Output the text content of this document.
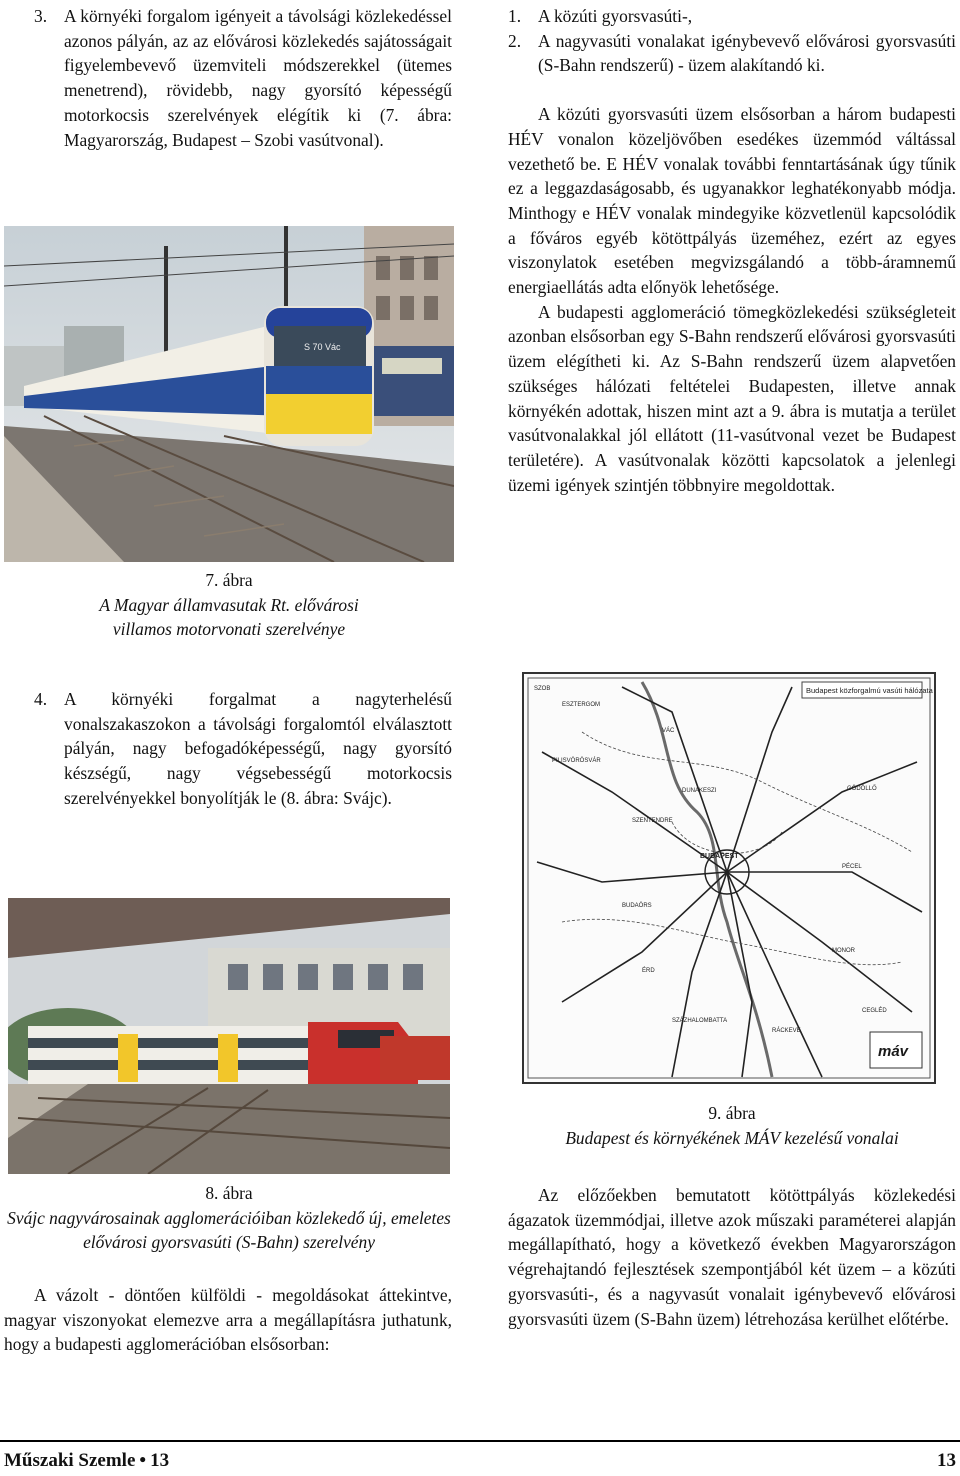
3. A környéki forgalom igényeit a távolsági közlekedéssel azonos pályán, az az elővárosi közlekedés sajátosságait figyelembevevő üzemviteli módszerekkel (ütemes menetrend), rövidebb, nagy gyorsító képességű motorkocsis szerelvények elégítik ki (7. ábra: Magyarország, Budapest – Szobi vasútvonal).
S 70 Vác
7. ábra
A Magyar államvasutak Rt. elővárosi villamos motorvonati szerelvénye
4. A környéki forgalmat a nagyterhelésű vonalszakaszokon a távolsági forgalomtól elválasztott pályán, nagy befogadóképességű, nagy gyorsító készségű, nagy végsebességű motorkocsis szerelvényekkel bonyolítják le (8. ábra: Svájc).
8. ábra
Svájc nagyvárosainak agglomerációiban közlekedő új, emeletes elővárosi gyorsvasúti (S-Bahn) szerelvény

A vázolt - döntően külföldi - megoldásokat áttekintve, magyar viszonyokat elemezve arra a megállapításra juthatunk, hogy a budapesti agglomerációban elsősorban:

1. A közúti gyorsvasúti-,
2. A nagyvasúti vonalakat igénybevevő elővárosi gyorsvasúti (S-Bahn rendszerű) - üzem alakítandó ki.

A közúti gyorsvasúti üzem elsősorban a három budapesti HÉV vonalon közeljövőben esedékes üzemmód váltással vezethető be. E HÉV vonalak további fenntartásának úgy tűnik ez a leggazdaságosabb, és ugyanakkor leghatékonyabb módja. Minthogy e HÉV vonalak mindegyike közvetlenül kapcsolódik a főváros egyéb kötöttpályás üzeméhez, ezért az egyes viszonylatok esetében megvizsgálandó a több-áramnemű energiaellátás adta előnyök lehetősége.

A budapesti agglomeráció tömegközlekedési szükségleteit azonban elsősorban egy S-Bahn rendszerű elővárosi gyorsvasúti üzem elégítheti ki. Az S-Bahn rendszerű üzem alapvetően szükséges hálózati feltételei Budapesten, illetve annak környékén adottak, hiszen mint azt a 9. ábra is mutatja a terület vasútvonalakkal jól ellátott (11-vasútvonal vezet be Budapest területére). A vasútvonalak közötti kapcsolatok a jelenlegi üzemi igények szintjén többnyire megoldottak.

Budapest közforgalmú vasúti hálózata
SZOB
VÁC
GÖDÖLLŐ
BUDAPEST
CEGLÉD
ESZTERGOM
PILISVÖRÖSVÁR
BUDAÖRS
ÉRD
SZÁZHALOMBATTA
MONOR
PÉCEL
DUNAKESZI
RÁCKEVE
SZENTENDRE
máv
9. ábra
Budapest és környékének MÁV kezelésű vonalai

Az előzőekben bemutatott kötöttpályás közlekedési ágazatok üzemmódjai, illetve azok műszaki paraméterei alapján megállapítható, hogy a következő években Magyarországon végrehajtandó fejlesztések szempontjából két üzem – a közúti gyorsvasúti-, és a nagyvasút vonalait igénybevevő elővárosi gyorsvasúti üzem (S-Bahn üzem) létrehozása kerülhet előtérbe.

Műszaki Szemle • 13	13
